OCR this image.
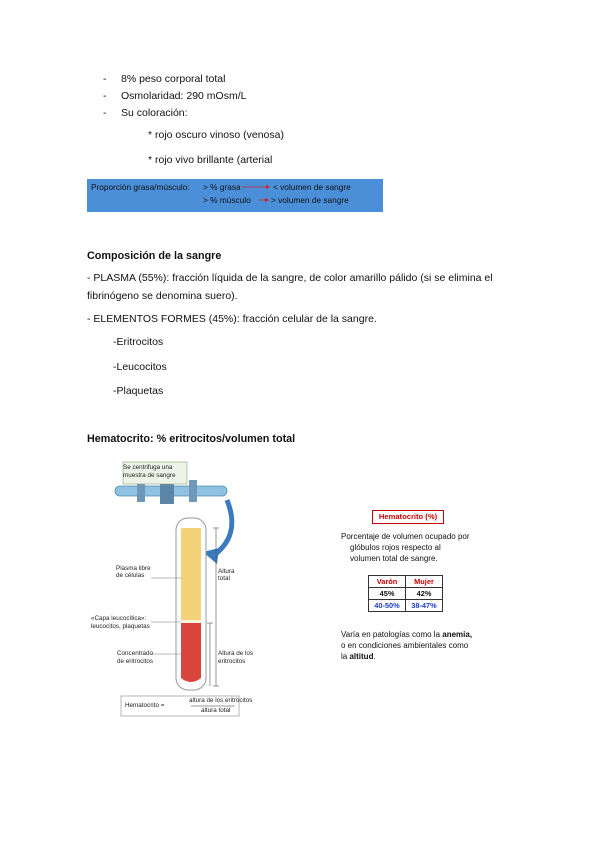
- 8% peso corporal total
- Osmolaridad: 290 mOsm/L
- Su coloración:
* rojo oscuro vinoso (venosa)
* rojo vivo brillante (arterial
Proporción grasa/músculo: > % grasa	< volumen de sangre
> % músculo > volumen de sangre
Composición de la sangre
- PLASMA (55%): fracción líquida de la sangre, de color amarillo pálido (si se elimina el
fibrinógeno se denomina suero).
- ELEMENTOS FORMES (45%): fracción celular de la sangre.
-Eritrocitos
-Leucocitos
-Plaquetas
Hematocrito: % eritrocitos/volumen total
Se centrifuga una
muestra de sangre
Plasma libre
de células
Altura
total
«Capa leucocítica»:
leucocitos, plaquetas
Concentrado
de eritrocitos
Altura de los
eritrocitos
Hematocrito =
altura de los eritrocitos
altura total
Hematocrito (%)
Porcentaje de volumen ocupado por
glóbulos rojos respecto al
volumen total de sangre.
Varón	Mujer
45%	42%
40-50%	38-47%
Varía en patologías como la anemia,
o en condiciones ambientales como
la altitud.
